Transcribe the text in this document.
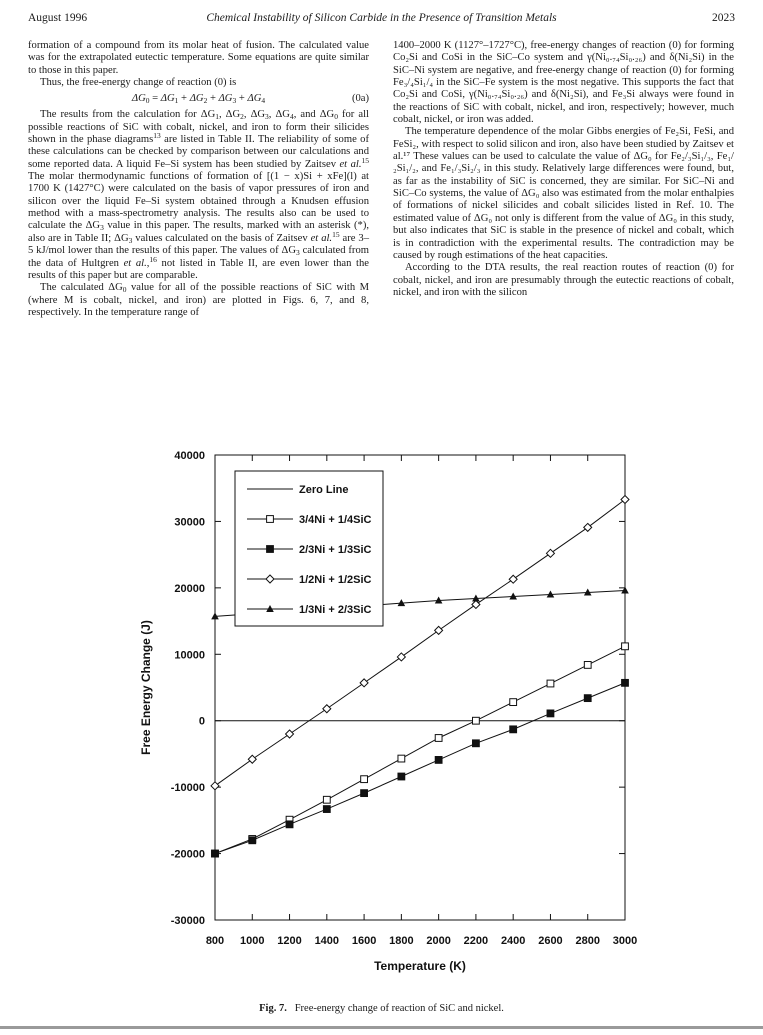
August 1996	Chemical Instability of Silicon Carbide in the Presence of Transition Metals	2023

formation of a compound from its molar heat of fusion. The calculated value was for the extrapolated eutectic temperature. Some equations are quite similar to those in this paper.

Thus, the free-energy change of reaction (0) is

$\Delta G_0 = \Delta G_1 + \Delta G_2 + \Delta G_3 + \Delta G_4$	(0a)

The results from the calculation for $\Delta G_1$, $\Delta G_2$, $\Delta G_3$, $\Delta G_4$, and $\Delta G_0$ for all possible reactions of SiC with cobalt, nickel, and iron to form their silicides shown in the phase diagrams$^{13}$ are listed in Table II. The reliability of some of these calculations can be checked by comparison between our calculations and some reported data. A liquid Fe–Si system has been studied by Zaitsev et al.$^{15}$ The molar thermodynamic functions of formation of [(1 − x)Si + xFe](l) at 1700 K (1427°C) were calculated on the basis of vapor pressures of iron and silicon over the liquid Fe–Si system obtained through a Knudsen effusion method with a mass-spectrometry analysis. The results also can be used to calculate the $\Delta G_3$ value in this paper. The results, marked with an asterisk (*), also are in Table II; $\Delta G_3$ values calculated on the basis of Zaitsev et al.$^{15}$ are 3–5 kJ/mol lower than the results of this paper. The values of $\Delta G_3$ calculated from the data of Hultgren et al.,$^{16}$ not listed in Table II, are even lower than the results of this paper but are comparable.

The calculated $\Delta G_0$ value for all of the possible reactions of SiC with M (where M is cobalt, nickel, and iron) are plotted in Figs. 6, 7, and 8, respectively. In the temperature range of

1400–2000 K (1127°–1727°C), free-energy changes of reaction (0) for forming Co₂Si and CoSi in the SiC–Co system and γ(Ni₀.₇₄Si₀.₂₆) and δ(Ni₂Si) in the SiC–Ni system are negative, and free-energy change of reaction (0) for forming Fe₃/₄Si₁/₄ in the SiC–Fe system is the most negative. This supports the fact that Co₂Si and CoSi, γ(Ni₀.₇₄Si₀.₂₆) and δ(Ni₂Si), and Fe₃Si always were found in the reactions of SiC with cobalt, nickel, and iron, respectively; however, much cobalt, nickel, or iron was added.

The temperature dependence of the molar Gibbs energies of Fe₂Si, FeSi, and FeSi₂, with respect to solid silicon and iron, also have been studied by Zaitsev et al.¹⁷ These values can be used to calculate the value of ΔG₀ for Fe₂/₃Si₁/₃, Fe₁/₂Si₁/₂, and Fe₁/₃Si₂/₃ in this study. Relatively large differences were found, but, as far as the instability of SiC is concerned, they are similar. For SiC–Ni and SiC–Co systems, the value of ΔG₀ also was estimated from the molar enthalpies of formations of nickel silicides and cobalt silicides listed in Ref. 10. The estimated value of ΔG₀ not only is different from the value of ΔG₀ in this study, but also indicates that SiC is stable in the presence of nickel and cobalt, which is in contradiction with the experimental results. The contradiction may be caused by rough estimations of the heat capacities.

According to the DTA results, the real reaction routes of reaction (0) for cobalt, nickel, and iron are presumably through the eutectic reactions of cobalt, nickel, and iron with the silicon

-30000
-20000
-10000
0
10000
20000
30000
40000
800 1000 1200 1400 1600 1800 2000 2200 2400 2600 2800 3000
Temperature (K)
Free Energy Change (J)
Zero Line
3/4Ni + 1/4SiC
2/3Ni + 1/3SiC
1/2Ni + 1/2SiC
1/3Ni + 2/3SiC
Fig. 7. Free-energy change of reaction of SiC and nickel.
